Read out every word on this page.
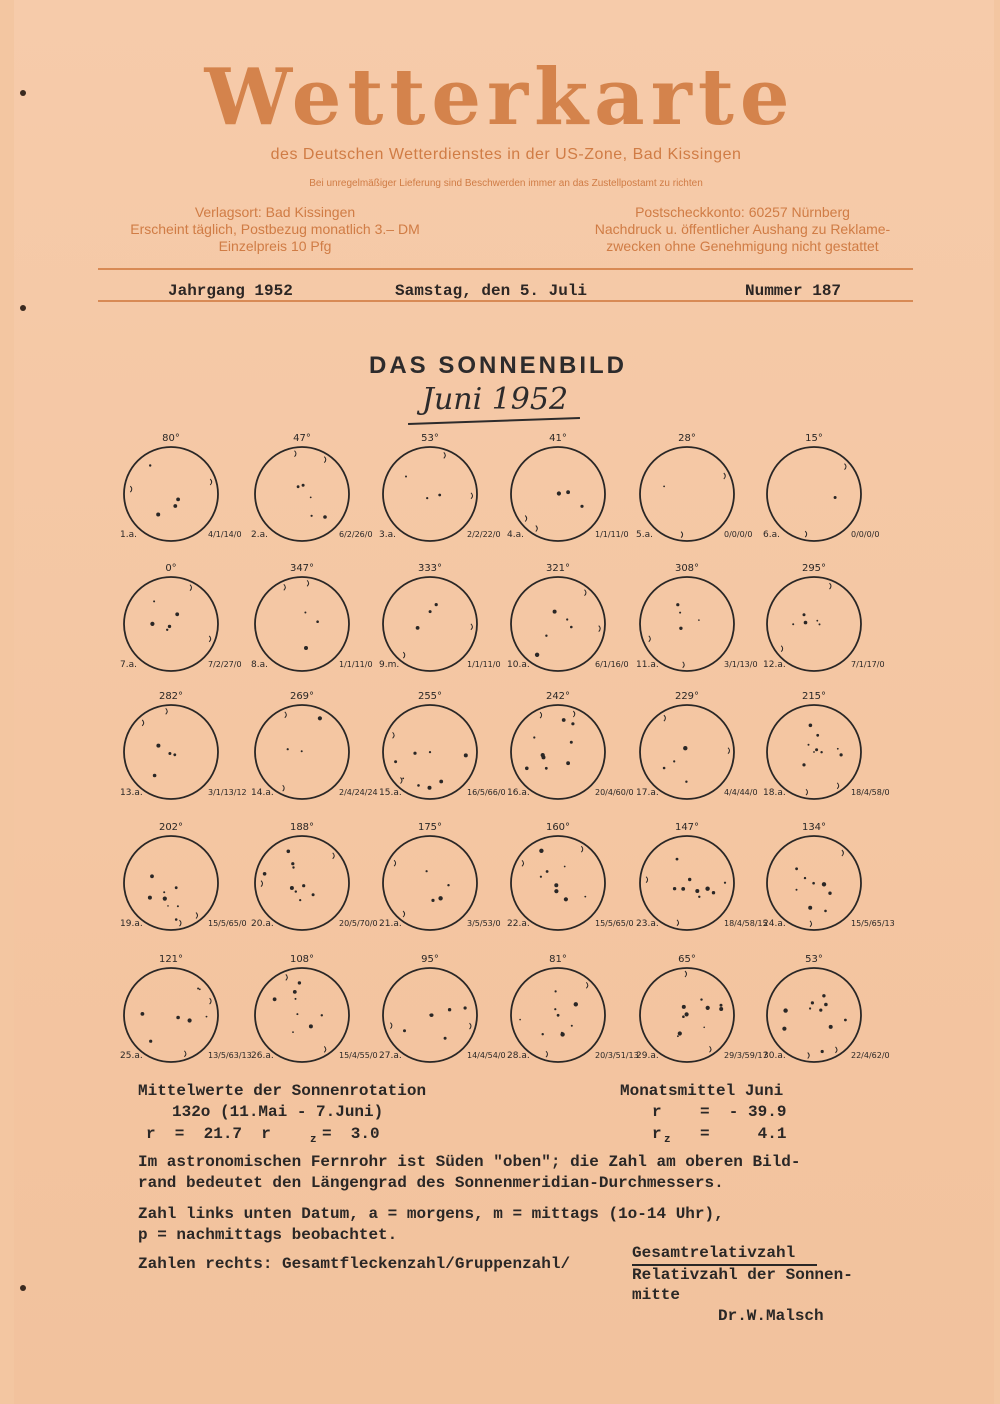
Wetterkarte
des Deutschen Wetterdienstes in der US-Zone, Bad Kissingen
Bei unregelmäßiger Lieferung sind Beschwerden immer an das Zustellpostamt zu richten
Verlagsort: Bad Kissingen
Erscheint täglich, Postbezug monatlich 3.– DM
Einzelpreis 10 Pfg
Postscheckkonto: 60257 Nürnberg
Nachdruck u. öffentlicher Aushang zu Reklame-
zwecken ohne Genehmigung nicht gestattet
Jahrgang 1952	Samstag, den 5. Juli	Nummer 187
DAS SONNENBILD
Juni 1952
80°
1.a.	4/1/14/0
47°
2.a.	6/2/26/0
53°
3.a.	2/2/22/0
41°
4.a.	1/1/11/0
28°
5.a.	0/0/0/0
15°
6.a.	0/0/0/0
0°
7.a.	7/2/27/0
347°
8.a.	1/1/11/0
333°
9.m.	1/1/11/0
321°
10.a.	6/1/16/0
308°
11.a.	3/1/13/0
295°
12.a.	7/1/17/0
282°
13.a.	3/1/13/12
269°
14.a.	2/4/24/24
255°
15.a.	16/5/66/0
242°
16.a.	20/4/60/0
229°
17.a.	4/4/44/0
215°
18.a.	18/4/58/0
202°
19.a.	15/5/65/0
188°
20.a.	20/5/70/0
175°
21.a.	3/5/53/0
160°
22.a.	15/5/65/0
147°
23.a.	18/4/58/15
134°
24.a.	15/5/65/13
121°
25.a.	13/5/63/13
108°
26.a.	15/4/55/0
95°
27.a.	14/4/54/0
81°
28.a.	20/3/51/13
65°
29.a.	29/3/59/17
53°
30.a.	22/4/62/0
Mittelwerte der Sonnenrotation
132o (11.Mai - 7.Juni)
r  =  21.7  r	z =  3.0
Monatsmittel Juni
r =  - 39.9
r z =     4.1
Im astronomischen Fernrohr ist Süden "oben"; die Zahl am oberen Bild-
rand bedeutet den Längengrad des Sonnenmeridian-Durchmessers.
Zahl links unten Datum, a = morgens, m = mittags (1o-14 Uhr),
p = nachmittags beobachtet.
Zahlen rechts: Gesamtfleckenzahl/Gruppenzahl/
Gesamtrelativzahl
Relativzahl der Sonnen-
mitte
Dr.W.Malsch
